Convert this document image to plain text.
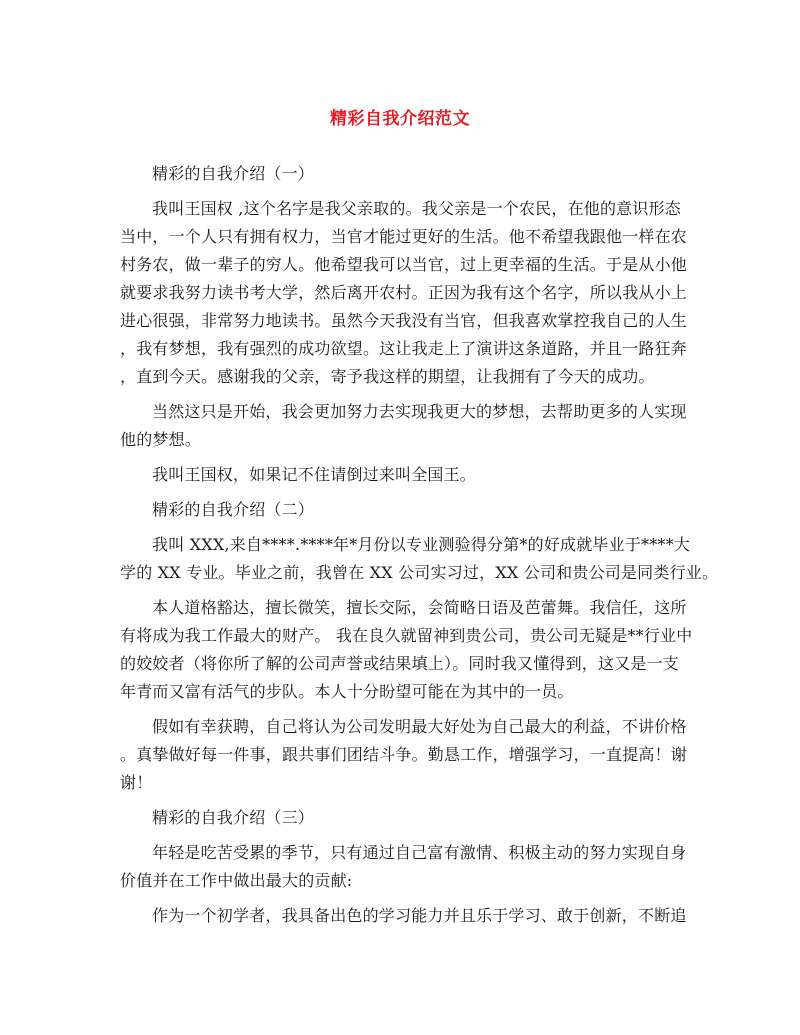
精彩自我介绍范文
精彩的自我介绍（一）
我叫王国权 ,这个名字是我父亲取的。我父亲是一个农民，在他的意识形态
当中，一个人只有拥有权力，当官才能过更好的生活。他不希望我跟他一样在农
村务农，做一辈子的穷人。他希望我可以当官，过上更幸福的生活。于是从小他
就要求我努力读书考大学，然后离开农村。正因为我有这个名字，所以我从小上
进心很强，非常努力地读书。虽然今天我没有当官，但我喜欢掌控我自己的人生
，我有梦想，我有强烈的成功欲望。这让我走上了演讲这条道路，并且一路狂奔
，直到今天。感谢我的父亲，寄予我这样的期望，让我拥有了今天的成功。
当然这只是开始，我会更加努力去实现我更大的梦想，去帮助更多的人实现
他的梦想。
我叫王国权，如果记不住请倒过来叫全国王。
精彩的自我介绍（二）
我叫 XXX,来自****.****年*月份以专业测验得分第*的好成就毕业于****大
学的 XX 专业。毕业之前，我曾在 XX 公司实习过，XX 公司和贵公司是同类行业。
本人道格豁达，擅长微笑，擅长交际，会简略日语及芭蕾舞。我信任，这所
有将成为我工作最大的财产。 我在良久就留神到贵公司，贵公司无疑是**行业中
的姣姣者（将你所了解的公司声誉或结果填上）。同时我又懂得到，这又是一支
年青而又富有活气的步队。本人十分盼望可能在为其中的一员。
假如有幸获聘，自己将认为公司发明最大好处为自己最大的利益，不讲价格
。真挚做好每一件事，跟共事们团结斗争。勤恳工作，增强学习，一直提高！谢
谢！
精彩的自我介绍（三）
年轻是吃苦受累的季节，只有通过自己富有激情、积极主动的努力实现自身
价值并在工作中做出最大的贡献:
作为一个初学者，我具备出色的学习能力并且乐于学习、敢于创新，不断追
